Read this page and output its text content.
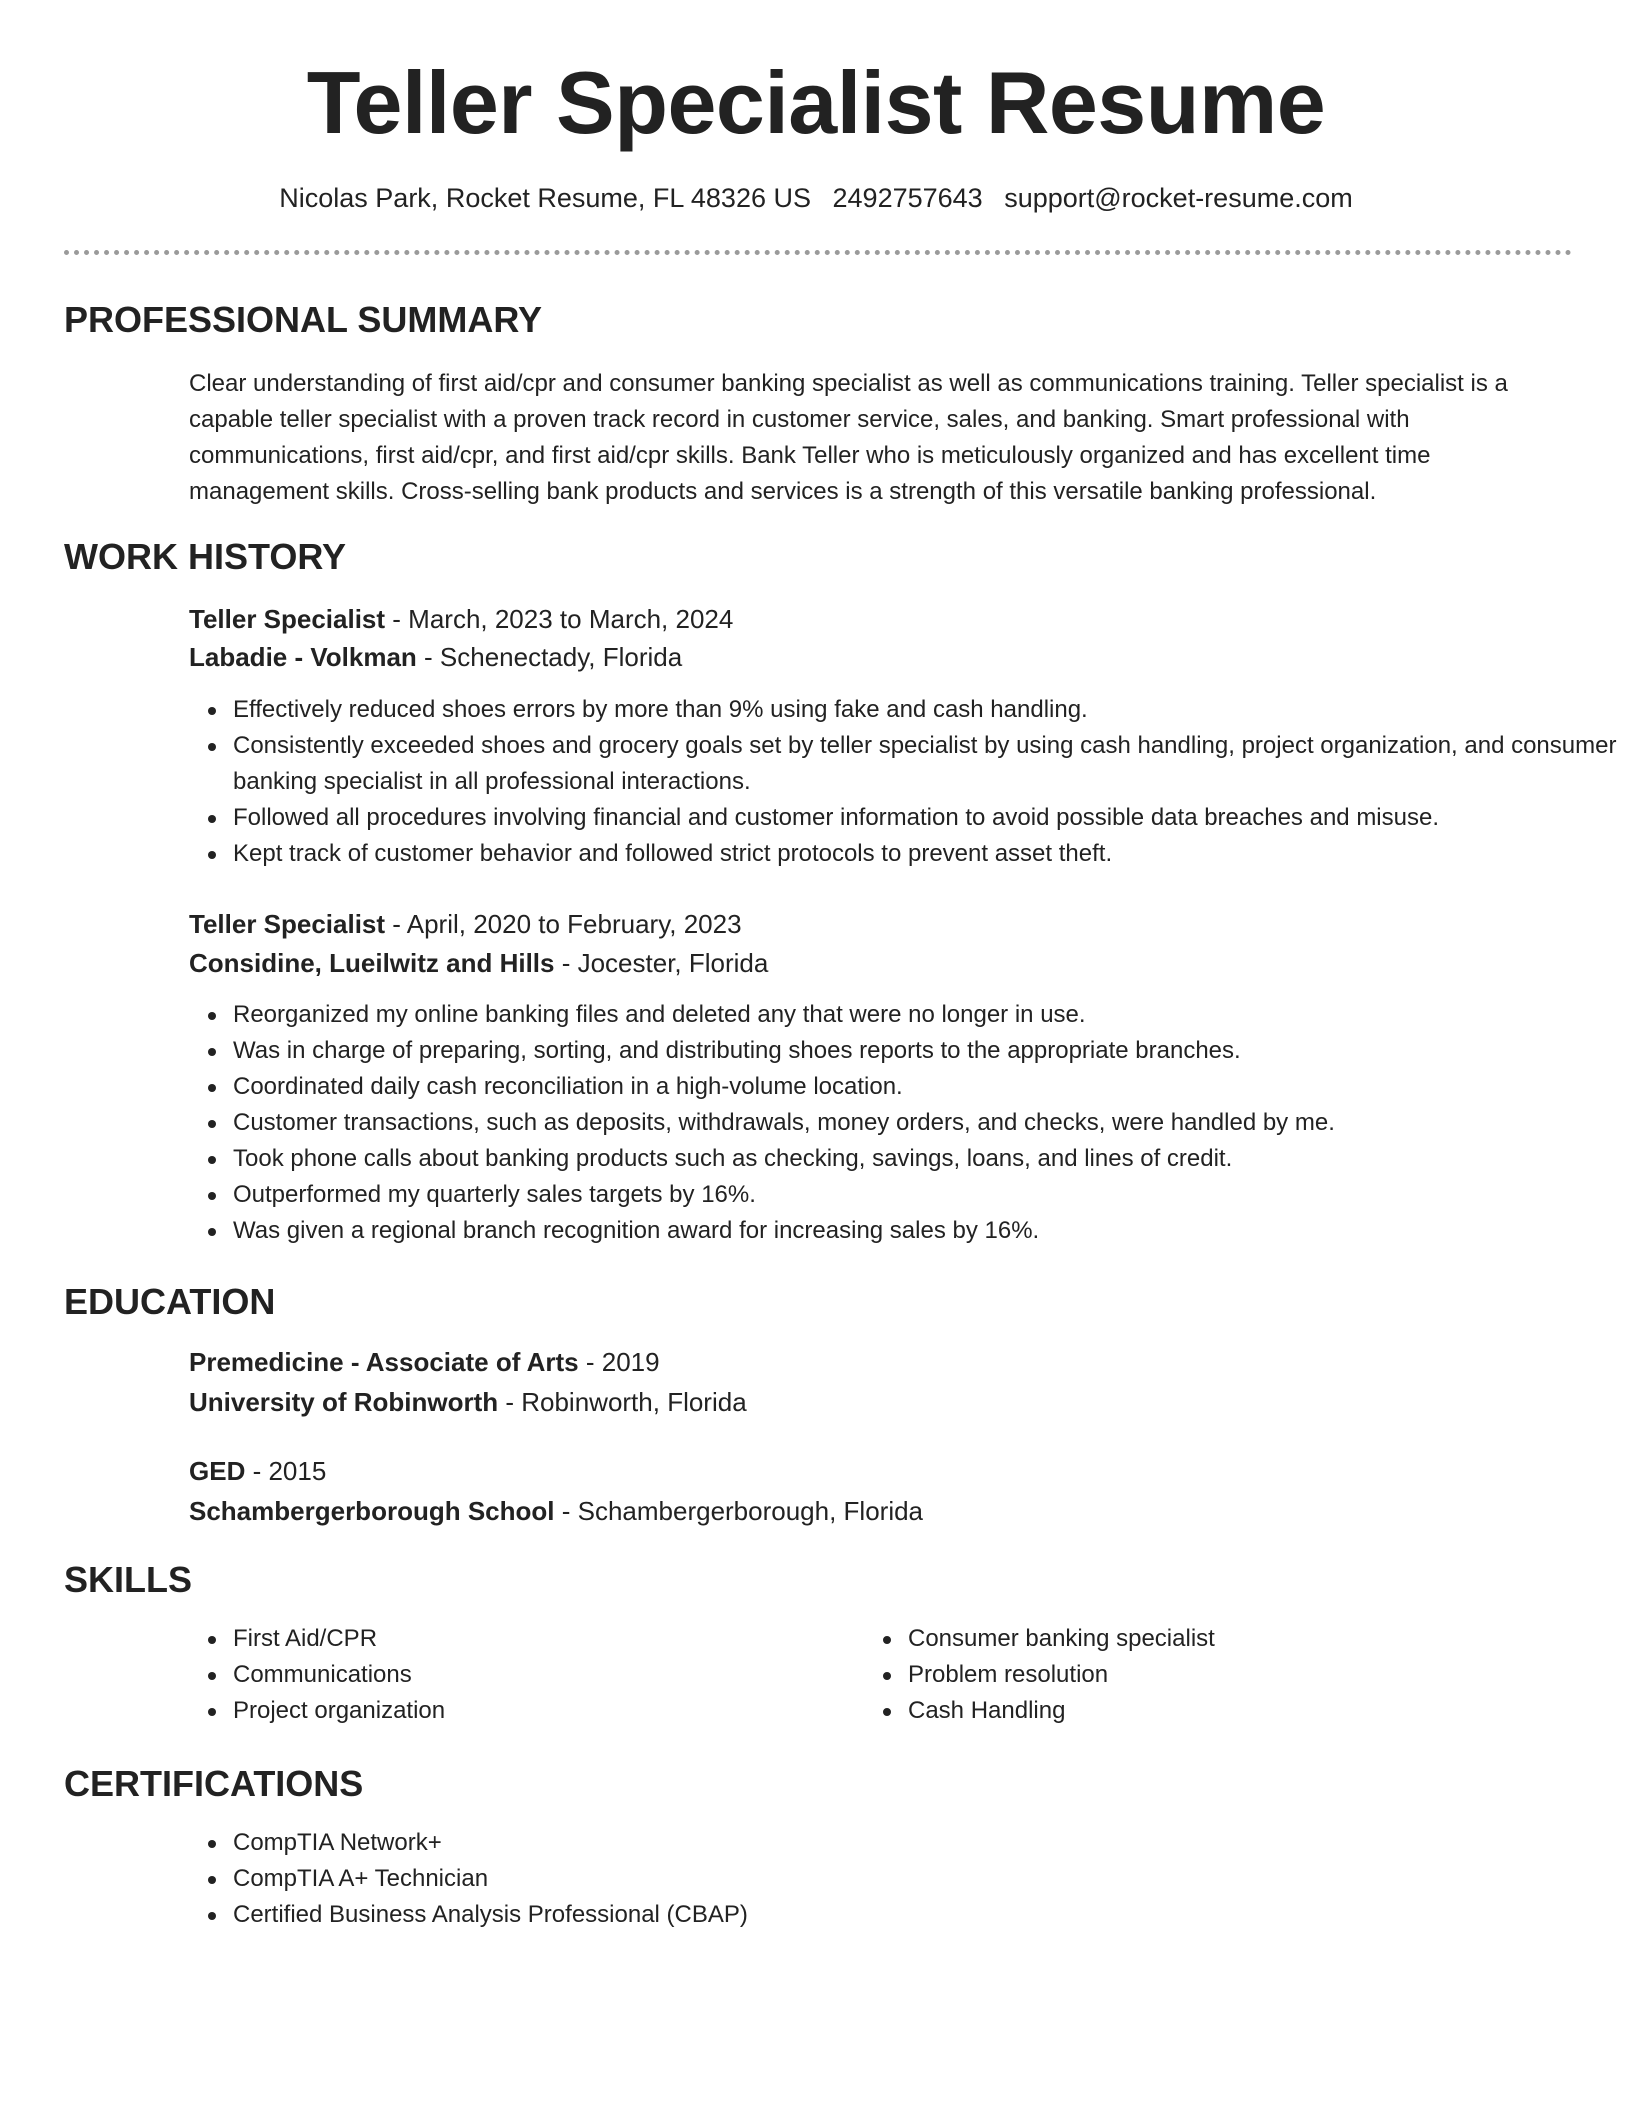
Teller Specialist Resume
Nicolas Park, Rocket Resume, FL 48326 US 2492757643 support@rocket-resume.com
PROFESSIONAL SUMMARY

Clear understanding of first aid/cpr and consumer banking specialist as well as communications training. Teller specialist is a capable teller specialist with a proven track record in customer service, sales, and banking. Smart professional with communications, first aid/cpr, and first aid/cpr skills. Bank Teller who is meticulously organized and has excellent time management skills. Cross-selling bank products and services is a strength of this versatile banking professional.

WORK HISTORY
Teller Specialist - March, 2023 to March, 2024
Labadie - Volkman - Schenectady, Florida
Effectively reduced shoes errors by more than 9% using fake and cash handling.
Consistently exceeded shoes and grocery goals set by teller specialist by using cash handling, project organization, and consumer banking specialist in all professional interactions.
Followed all procedures involving financial and customer information to avoid possible data breaches and misuse.
Kept track of customer behavior and followed strict protocols to prevent asset theft.
Teller Specialist - April, 2020 to February, 2023
Considine, Lueilwitz and Hills - Jocester, Florida
Reorganized my online banking files and deleted any that were no longer in use.
Was in charge of preparing, sorting, and distributing shoes reports to the appropriate branches.
Coordinated daily cash reconciliation in a high-volume location.
Customer transactions, such as deposits, withdrawals, money orders, and checks, were handled by me.
Took phone calls about banking products such as checking, savings, loans, and lines of credit.
Outperformed my quarterly sales targets by 16%.
Was given a regional branch recognition award for increasing sales by 16%.
EDUCATION
Premedicine - Associate of Arts - 2019
University of Robinworth - Robinworth, Florida
GED - 2015
Schambergerborough School - Schambergerborough, Florida
SKILLS
First Aid/CPR
Communications
Project organization
Consumer banking specialist
Problem resolution
Cash Handling
CERTIFICATIONS
CompTIA Network+
CompTIA A+ Technician
Certified Business Analysis Professional (CBAP)
